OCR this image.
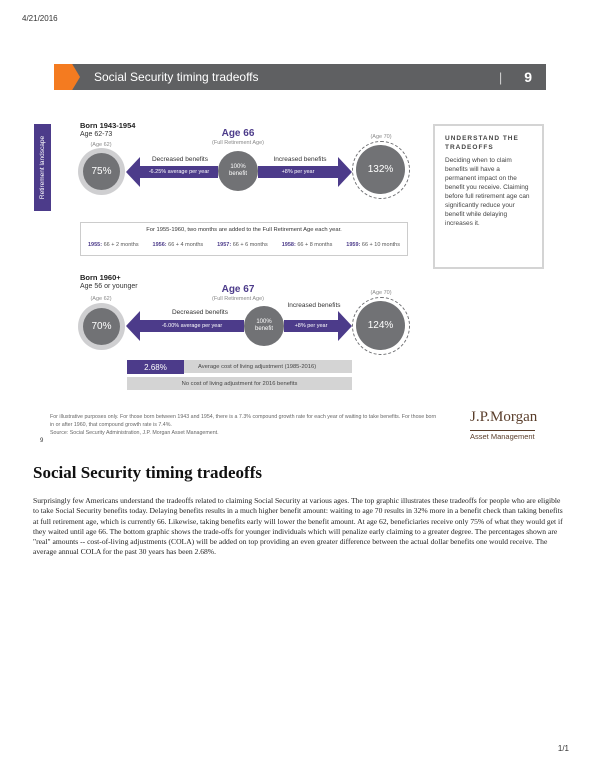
4/21/2016
Social Security timing tradeoffs	| 9
Retirement landscape
Born 1943-1954
Age 62-73
(Age 62)
75%
Age 66
(Full Retirement Age)
100%
benefit
Decreased benefits
-6.25% average per year
Increased benefits
+8% per year
(Age 70)
132%
For 1955-1960, two months are added to the Full Retirement Age each year.
1955: 66 + 2 months	1956: 66 + 4 months	1957: 66 + 6 months	1958: 66 + 8 months	1959: 66 + 10 months
UNDERSTAND THE TRADEOFFS

Deciding when to claim benefits will have a permanent impact on the benefit you receive. Claiming before full retirement age can significantly reduce your benefit while delaying increases it.

Born 1960+
Age 56 or younger
(Age 62)
70%
Age 67
(Full Retirement Age)
100%
benefit
Decreased benefits
-6.00% average per year
Increased benefits
+8% per year
(Age 70)
124%
2.68%	Average cost of living adjustment (1985-2016)
No cost of living adjustment for 2016 benefits
For illustrative purposes only. For those born between 1943 and 1954, there is a 7.3% compound growth rate for each year of waiting to take benefits. For those born in or after 1960, that compound growth rate is 7.4%.
Source: Social Security Administration, J.P. Morgan Asset Management.
9
J.P.Morgan
Asset Management
Social Security timing tradeoffs
Surprisingly few Americans understand the tradeoffs related to claiming Social Security at various ages. The top graphic illustrates these tradeoffs for people who are eligible to take Social Security benefits today. Delaying benefits results in a much higher benefit amount: waiting to age 70 results in 32% more in a benefit check than taking benefits at full retirement age, which is currently 66. Likewise, taking benefits early will lower the benefit amount. At age 62, beneficiaries receive only 75% of what they would get if they waited until age 66. The bottom graphic shows the trade-offs for younger individuals which will penalize early claiming to a greater degree. The percentages shown are "real" amounts -- cost-of-living adjustments (COLA) will be added on top providing an even greater difference between the actual dollar benefits one would receive. The average annual COLA for the past 30 years has been 2.68%.
1/1
